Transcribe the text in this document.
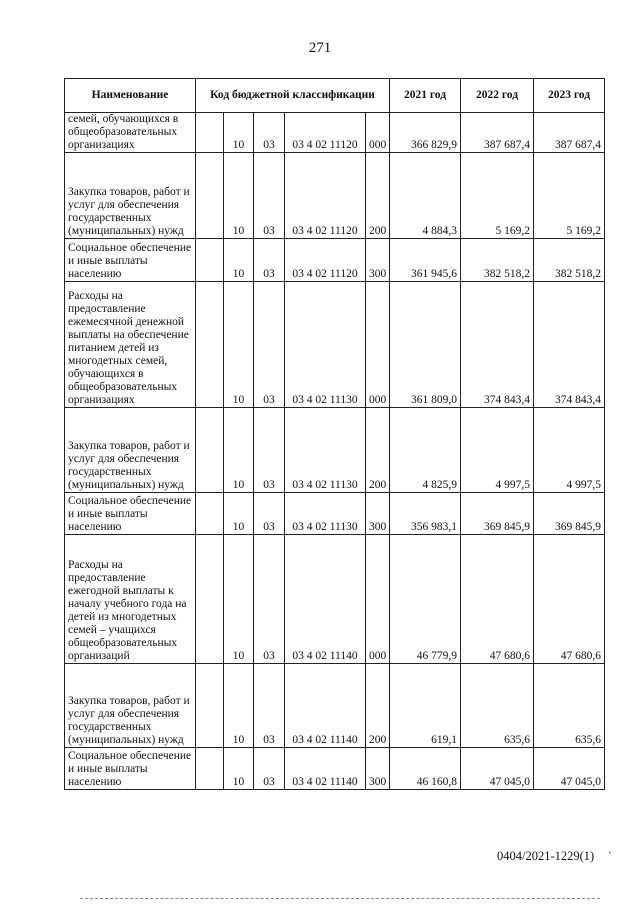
271
Наименование	Код бюджетной классификации					2021 год	2022 год	2023 год
семей, обучающихся в общеобразовательных организациях		10	03	03 4 02 11120	000	366 829,9	387 687,4	387 687,4
Закупка товаров, работ и услуг для обеспечения государственных (муниципальных) нужд		10	03	03 4 02 11120	200	4 884,3	5 169,2	5 169,2
Социальное обеспечение и иные выплаты населению		10	03	03 4 02 11120	300	361 945,6	382 518,2	382 518,2
Расходы на предоставление ежемесячной денежной выплаты на обеспечение питанием детей из многодетных семей, обучающихся в общеобразовательных организациях		10	03	03 4 02 11130	000	361 809,0	374 843,4	374 843,4
Закупка товаров, работ и услуг для обеспечения государственных (муниципальных) нужд		10	03	03 4 02 11130	200	4 825,9	4 997,5	4 997,5
Социальное обеспечение и иные выплаты населению		10	03	03 4 02 11130	300	356 983,1	369 845,9	369 845,9
Расходы на предоставление ежегодной выплаты к началу учебного года на детей из многодетных семей – учащихся общеобразовательных организаций		10	03	03 4 02 11140	000	46 779,9	47 680,6	47 680,6
Закупка товаров, работ и услуг для обеспечения государственных (муниципальных) нужд		10	03	03 4 02 11140	200	619,1	635,6	635,6
Социальное обеспечение и иные выплаты населению		10	03	03 4 02 11140	300	46 160,8	47 045,0	47 045,0
0404/2021-1229(1) `
